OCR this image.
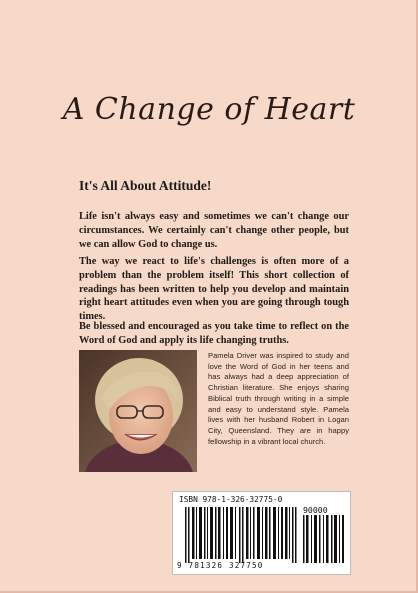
A Change of Heart
It's All About Attitude!

Life isn't always easy and sometimes we can't change our circumstances. We certainly can't change other people, but we can allow God to change us.

The way we react to life's challenges is often more of a problem than the problem itself! This short collection of readings has been written to help you develop and maintain right heart attitudes even when you are going through tough times.

Be blessed and encouraged as you take time to reflect on the Word of God and apply its life changing truths.

Pamela Driver was inspired to study and love the Word of God in her teens and has always had a deep appreciation of Christian literature. She enjoys sharing Biblical truth through writing in a simple and easy to understand style. Pamela lives with her husband Robert in Logan City, Queensland. They are in happy fellowship in a vibrant local church.

ISBN 978-1-326-32775-0
90000
9 781326 327750
